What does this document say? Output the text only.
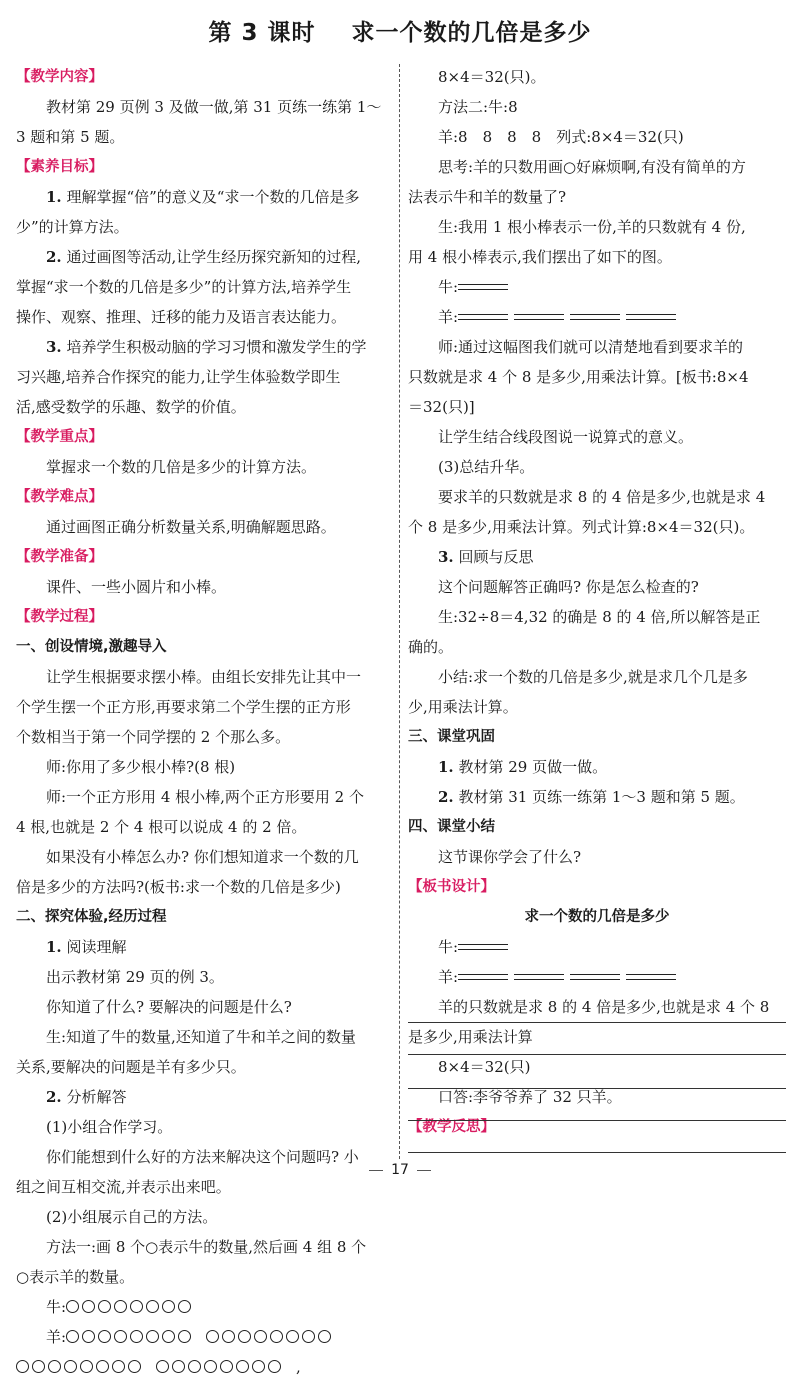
第 3 课时 求一个数的几倍是多少
【教学内容】
教材第 29 页例 3 及做一做,第 31 页练一练第 1～
3 题和第 5 题。
【素养目标】
1. 理解掌握“倍”的意义及“求一个数的几倍是多
少”的计算方法。
2. 通过画图等活动,让学生经历探究新知的过程,
掌握“求一个数的几倍是多少”的计算方法,培养学生
操作、观察、推理、迁移的能力及语言表达能力。
3. 培养学生积极动脑的学习习惯和激发学生的学
习兴趣,培养合作探究的能力,让学生体验数学即生
活,感受数学的乐趣、数学的价值。
【教学重点】
掌握求一个数的几倍是多少的计算方法。
【教学难点】
通过画图正确分析数量关系,明确解题思路。
【教学准备】
课件、一些小圆片和小棒。
【教学过程】
一、创设情境,激趣导入
让学生根据要求摆小棒。由组长安排先让其中一
个学生摆一个正方形,再要求第二个学生摆的正方形
个数相当于第一个同学摆的 2 个那么多。
师:你用了多少根小棒?(8 根)
师:一个正方形用 4 根小棒,两个正方形要用 2 个
4 根,也就是 2 个 4 根可以说成 4 的 2 倍。
如果没有小棒怎么办? 你们想知道求一个数的几
倍是多少的方法吗?(板书:求一个数的几倍是多少)
二、探究体验,经历过程
1. 阅读理解
出示教材第 29 页的例 3。
你知道了什么? 要解决的问题是什么?
生:知道了牛的数量,还知道了牛和羊之间的数量
关系,要解决的问题是羊有多少只。
2. 分析解答
(1)小组合作学习。
你们能想到什么好的方法来解决这个问题吗? 小
组之间互相交流,并表示出来吧。
(2)小组展示自己的方法。
方法一:画 8 个○表示牛的数量,然后画 4 组 8 个
○表示羊的数量。
牛:
羊:
,
8×4＝32(只)。
方法二:牛:8
羊:8　8　8　8　列式:8×4＝32(只)
思考:羊的只数用画○好麻烦啊,有没有简单的方
法表示牛和羊的数量了?
生:我用 1 根小棒表示一份,羊的只数就有 4 份,
用 4 根小棒表示,我们摆出了如下的图。
牛:
羊:
师:通过这幅图我们就可以清楚地看到要求羊的
只数就是求 4 个 8 是多少,用乘法计算。[板书:8×4
＝32(只)]
让学生结合线段图说一说算式的意义。
(3)总结升华。
要求羊的只数就是求 8 的 4 倍是多少,也就是求 4
个 8 是多少,用乘法计算。列式计算:8×4＝32(只)。
3. 回顾与反思
这个问题解答正确吗? 你是怎么检查的?
生:32÷8＝4,32 的确是 8 的 4 倍,所以解答是正
确的。
小结:求一个数的几倍是多少,就是求几个几是多
少,用乘法计算。
三、课堂巩固
1. 教材第 29 页做一做。
2. 教材第 31 页练一练第 1～3 题和第 5 题。
四、课堂小结
这节课你学会了什么?
【板书设计】
求一个数的几倍是多少
牛:
羊:
羊的只数就是求 8 的 4 倍是多少,也就是求 4 个 8
是多少,用乘法计算
8×4＝32(只)
口答:李爷爷养了 32 只羊。
【教学反思】
17
